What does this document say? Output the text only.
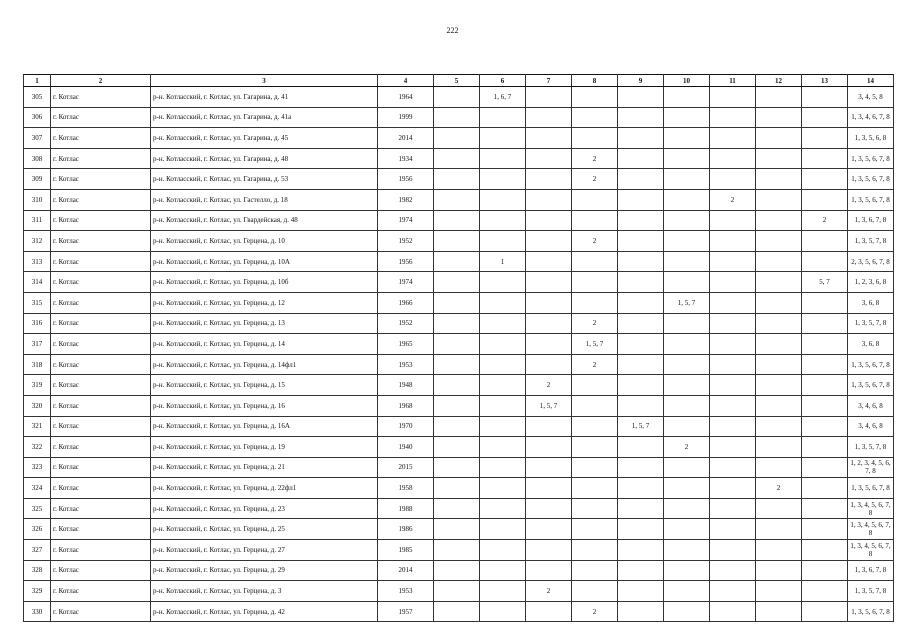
222
1	2	3	4	5	6	7	8	9	10	11	12	13	14
305	г. Котлас	р-н. Котласский, г. Котлас, ул. Гагарина, д. 41	1964		1, 6, 7								3, 4, 5, 8
306	г. Котлас	р-н. Котласский, г. Котлас, ул. Гагарина, д. 41а	1999										1, 3, 4, 6, 7, 8
307	г. Котлас	р-н. Котласский, г. Котлас, ул. Гагарина, д. 45	2014										1, 3, 5, 6, 8
308	г. Котлас	р-н. Котласский, г. Котлас, ул. Гагарина, д. 48	1934				2						1, 3, 5, 6, 7, 8
309	г. Котлас	р-н. Котласский, г. Котлас, ул. Гагарина, д. 53	1956				2						1, 3, 5, 6, 7, 8
310	г. Котлас	р-н. Котласский, г. Котлас, ул. Гастелло, д. 18	1982							2			1, 3, 5, 6, 7, 8
311	г. Котлас	р-н. Котласский, г. Котлас, ул. Гвардейская, д. 48	1974									2	1, 3, 6, 7, 8
312	г. Котлас	р-н. Котласский, г. Котлас, ул. Герцена, д. 10	1952				2						1, 3, 5, 7, 8
313	г. Котлас	р-н. Котласский, г. Котлас, ул. Герцена, д. 10А	1956		1								2, 3, 5, 6, 7, 8
314	г. Котлас	р-н. Котласский, г. Котлас, ул. Герцена, д. 10б	1974									5, 7	1, 2, 3, 6, 8
315	г. Котлас	р-н. Котласский, г. Котлас, ул. Герцена, д. 12	1966						1, 5, 7				3, 6, 8
316	г. Котлас	р-н. Котласский, г. Котлас, ул. Герцена, д. 13	1952				2						1, 3, 5, 7, 8
317	г. Котлас	р-н. Котласский, г. Котлас, ул. Герцена, д. 14	1965				1, 5, 7						3, 6, 8
318	г. Котлас	р-н. Котласский, г. Котлас, ул. Герцена, д. 14фл1	1953				2						1, 3, 5, 6, 7, 8
319	г. Котлас	р-н. Котласский, г. Котлас, ул. Герцена, д. 15	1948			2							1, 3, 5, 6, 7, 8
320	г. Котлас	р-н. Котласский, г. Котлас, ул. Герцена, д. 16	1968			1, 5, 7							3, 4, 6, 8
321	г. Котлас	р-н. Котласский, г. Котлас, ул. Герцена, д. 16А	1970					1, 5, 7					3, 4, 6, 8
322	г. Котлас	р-н. Котласский, г. Котлас, ул. Герцена, д. 19	1940						2				1, 3, 5, 7, 8
323	г. Котлас	р-н. Котласский, г. Котлас, ул. Герцена, д. 21	2015										1, 2, 3, 4, 5, 6, 7, 8
324	г. Котлас	р-н. Котласский, г. Котлас, ул. Герцена, д. 22фл1	1958								2		1, 3, 5, 6, 7, 8
325	г. Котлас	р-н. Котласский, г. Котлас, ул. Герцена, д. 23	1988										1, 3, 4, 5, 6, 7, 8
326	г. Котлас	р-н. Котласский, г. Котлас, ул. Герцена, д. 25	1986										1, 3, 4, 5, 6, 7, 8
327	г. Котлас	р-н. Котласский, г. Котлас, ул. Герцена, д. 27	1985										1, 3, 4, 5, 6, 7, 8
328	г. Котлас	р-н. Котласский, г. Котлас, ул. Герцена, д. 29	2014										1, 3, 6, 7, 8
329	г. Котлас	р-н. Котласский, г. Котлас, ул. Герцена, д. 3	1953			2							1, 3, 5, 7, 8
330	г. Котлас	р-н. Котласский, г. Котлас, ул. Герцена, д. 42	1957				2						1, 3, 5, 6, 7, 8
